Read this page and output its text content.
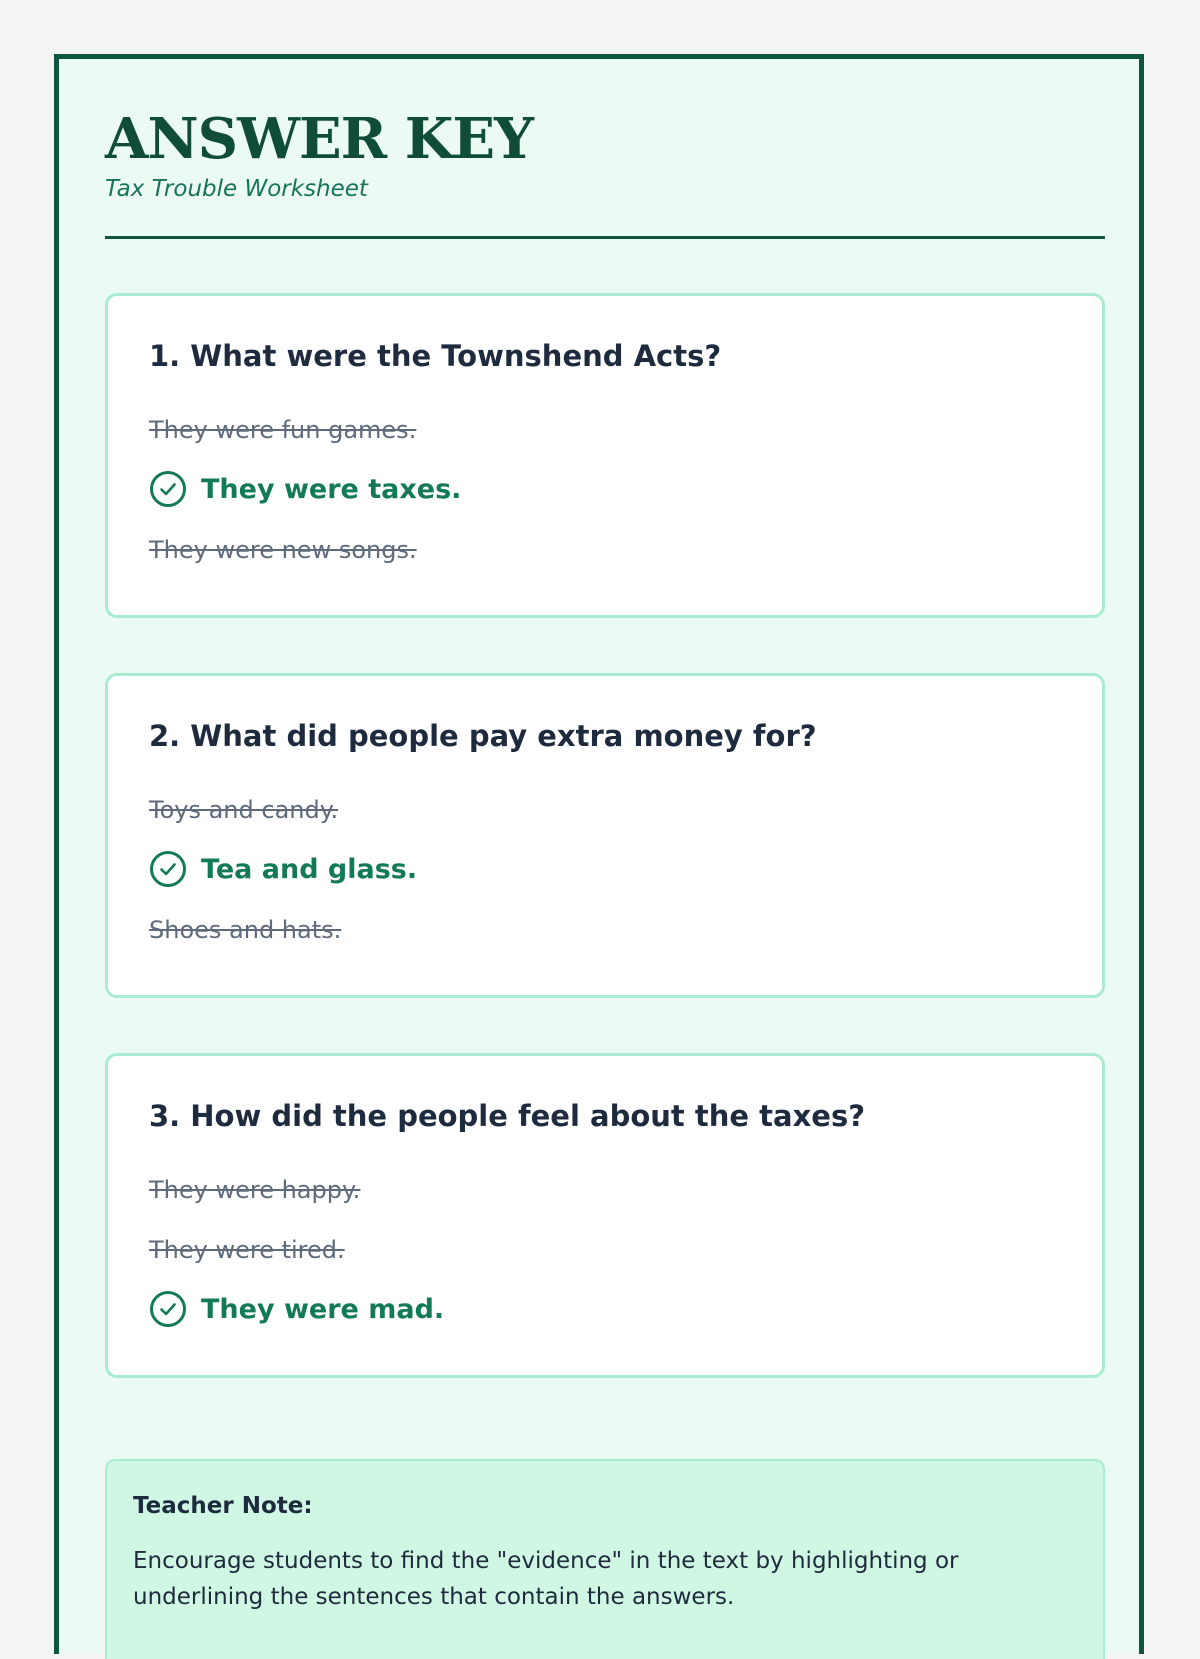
ANSWER KEY
Tax Trouble Worksheet
1. What were the Townshend Acts?
They were fun games.
They were taxes.
They were new songs.
2. What did people pay extra money for?
Toys and candy.
Tea and glass.
Shoes and hats.
3. How did the people feel about the taxes?
They were happy.
They were tired.
They were mad.
Teacher Note:
Encourage students to find the "evidence" in the text by highlighting or underlining the sentences that contain the answers.
